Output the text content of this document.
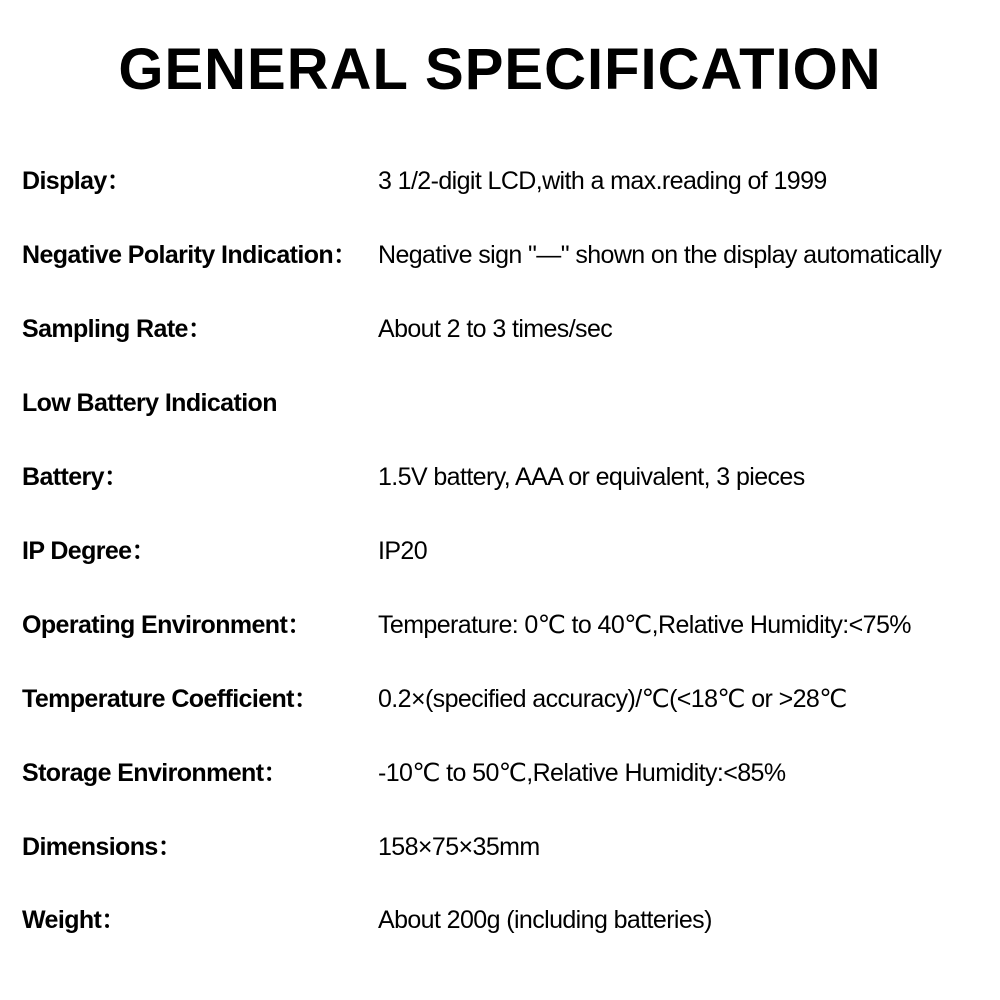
GENERAL SPECIFICATION
Display：	3 1/2-digit LCD,with a max.reading of 1999
Negative Polarity Indication： Negative sign "—" shown on the display automatically
Sampling Rate：	About 2 to 3 times/sec
Low Battery Indication
Battery：	1.5V battery, AAA or equivalent, 3 pieces
IP Degree：	IP20
Operating Environment：	Temperature: 0℃ to 40℃,Relative Humidity:<75%
Temperature Coefficient： 0.2×(specified accuracy)/℃(<18℃ or >28℃
Storage Environment：	-10℃ to 50℃,Relative Humidity:<85%
Dimensions：	158×75×35mm
Weight：	About 200g (including batteries)
